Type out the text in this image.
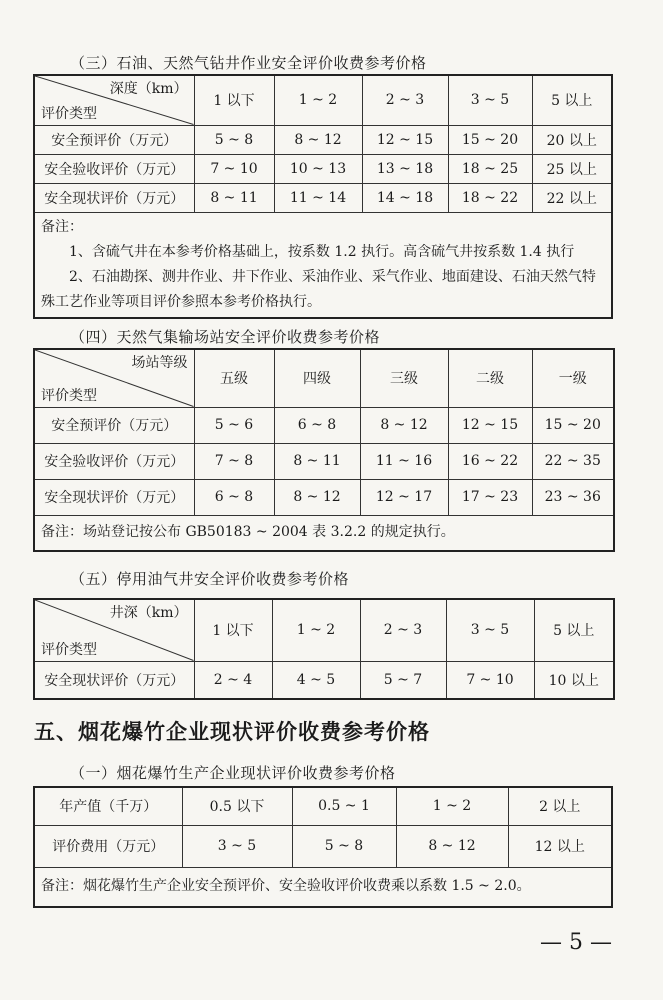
（三）石油、天然气钻井作业安全评价收费参考价格
深度（km）
评价类型	1 以下	1 ~ 2	2 ~ 3	3 ~ 5	5 以上
安全预评价（万元）	5 ~ 8	8 ~ 12	12 ~ 15	15 ~ 20	20 以上
安全验收评价（万元）	7 ~ 10	10 ~ 13	13 ~ 18	18 ~ 25	25 以上
安全现状评价（万元）	8 ~ 11	11 ~ 14	14 ~ 18	18 ~ 22	22 以上

备注：

1、含硫气井在本参考价格基础上，按系数 1.2 执行。高含硫气井按系数 1.4 执行

2、石油勘探、测井作业、井下作业、采油作业、采气作业、地面建设、石油天然气特殊工艺作业等项目评价参照本参考价格执行。					

（四）天然气集输场站安全评价收费参考价格
场站等级
评价类型	五级	四级	三级	二级	一级
安全预评价（万元）	5 ~ 6	6 ~ 8	8 ~ 12	12 ~ 15	15 ~ 20
安全验收评价（万元）	7 ~ 8	8 ~ 11	11 ~ 16	16 ~ 22	22 ~ 35
安全现状评价（万元）	6 ~ 8	8 ~ 12	12 ~ 17	17 ~ 23	23 ~ 36
备注：场站登记按公布 GB50183 ~ 2004 表 3.2.2 的规定执行。					
（五）停用油气井安全评价收费参考价格
井深（km）
评价类型	1 以下	1 ~ 2	2 ~ 3	3 ~ 5	5 以上
安全现状评价（万元）	2 ~ 4	4 ~ 5	5 ~ 7	7 ~ 10	10 以上
五、烟花爆竹企业现状评价收费参考价格
（一）烟花爆竹生产企业现状评价收费参考价格
年产值（千万）	0.5 以下	0.5 ~ 1	1 ~ 2	2 以上
评价费用（万元）	3 ~ 5	5 ~ 8	8 ~ 12	12 以上
备注：烟花爆竹生产企业安全预评价、安全验收评价收费乘以系数 1.5 ~ 2.0。				
— 5 —
